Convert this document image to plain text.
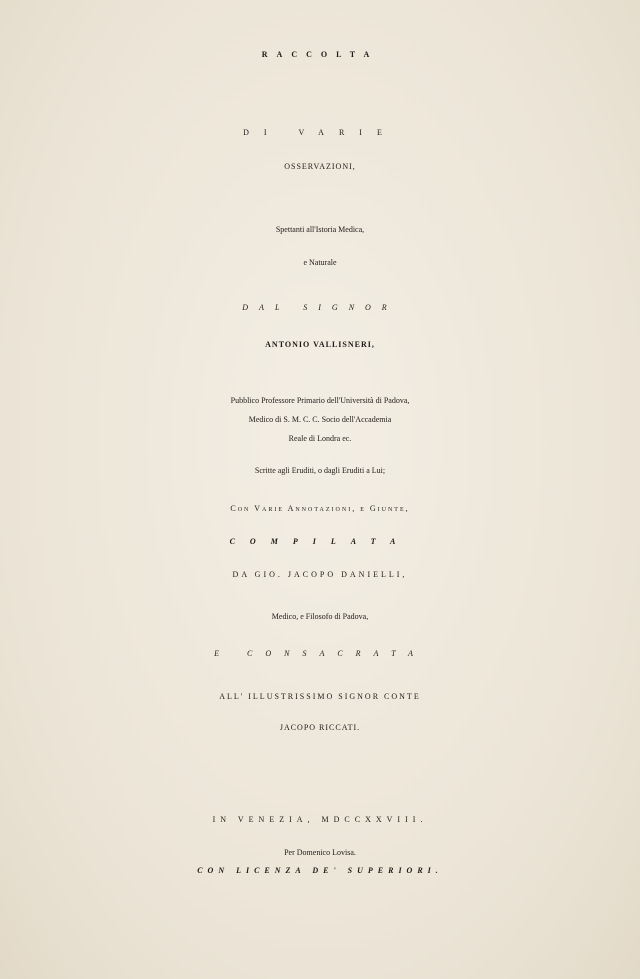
RACCOLTA
DI VARIE
OSSERVAZIONI,
Spettanti all'Istoria Medica,
e Naturale
DAL SIGNOR
ANTONIO VALLISNERI,
Pubblico Professore Primario dell'Università di Padova,
Medico di S. M. C. C. Socio dell'Accademia
Reale di Londra ec.
Scritte agli Eruditi, o dagli Eruditi a Lui;
Con Varie Annotazioni, e Giunte,
COMPILATA
DA GIO. JACOPO DANIELLI,
Medico, e Filosofo di Padova,
E CONSACRATA
ALL' ILLUSTRISSIMO SIGNOR CONTE
JACOPO RICCATI.
IN VENEZIA, MDCCXXVIII.
Per Domenico Lovisa.
CON LICENZA DE' SUPERIORI.
